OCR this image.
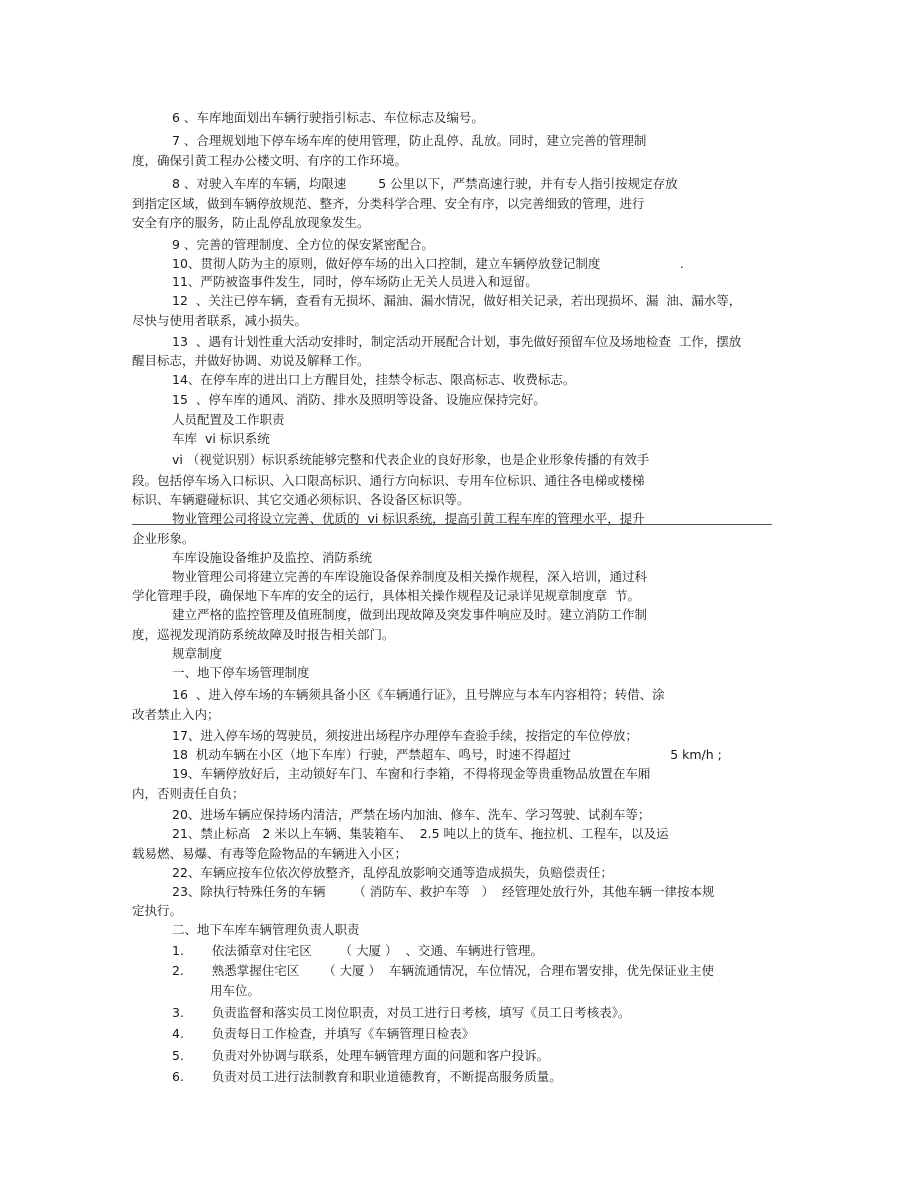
6 、车库地面划出车辆行驶指引标志、车位标志及编号。
7 、合理规划地下停车场车库的使用管理，防止乱停、乱放。同时，建立完善的管理制
度，确保引黄工程办公楼文明、有序的工作环境。
8 、对驶入车库的车辆，均限速        5 公里以下，严禁高速行驶，并有专人指引按规定存放
到指定区域，做到车辆停放规范、整齐，分类科学合理、安全有序，以完善细致的管理，进行
安全有序的服务，防止乱停乱放现象发生。
9 、完善的管理制度、全方位的保安紧密配合。
10、贯彻人防为主的原则，做好停车场的出入口控制，建立车辆停放登记制度                    .
11、严防被盗事件发生，同时，停车场防止无关人员进入和逗留。
12  、关注已停车辆，查看有无损坏、漏油、漏水情况，做好相关记录，若出现损坏、漏  油、漏水等，
尽快与使用者联系，减小损失。
13  、遇有计划性重大活动安排时，制定活动开展配合计划，事先做好预留车位及场地检查  工作，摆放
醒目标志，并做好协调、劝说及解释工作。
14、在停车库的进出口上方醒目处，挂禁令标志、限高标志、收费标志。
15  、停车库的通风、消防、排水及照明等设备、设施应保持完好。
人员配置及工作职责
车库  vi 标识系统
vi （视觉识别）标识系统能够完整和代表企业的良好形象，也是企业形象传播的有效手
段。包括停车场入口标识、入口限高标识、通行方向标识、专用车位标识、通往各电梯或楼梯
标识、车辆避碰标识、其它交通必须标识、各设备区标识等。
物业管理公司将设立完善、优质的  vi 标识系统，提高引黄工程车库的管理水平，提升
企业形象。
车库设施设备维护及监控、消防系统
物业管理公司将建立完善的车库设施设备保养制度及相关操作规程，深入培训，通过科
学化管理手段，确保地下车库的安全的运行，具体相关操作规程及记录详见规章制度章  节。
建立严格的监控管理及值班制度，做到出现故障及突发事件响应及时。建立消防工作制
度，巡视发现消防系统故障及时报告相关部门。
规章制度
一、地下停车场管理制度
16  、进入停车场的车辆须具备小区《车辆通行证》，且号牌应与本车内容相符；转借、涂
改者禁止入内；
17、进入停车场的驾驶员，须按进出场程序办理停车查验手续，按指定的车位停放；
18  机动车辆在小区（地下车库）行驶，严禁超车、鸣号，时速不得超过                         5 km/h ;
19、车辆停放好后，主动锁好车门、车窗和行李箱，不得将现金等贵重物品放置在车厢
内，否则责任自负；
20、进场车辆应保持场内清洁，严禁在场内加油、修车、洗车、学习驾驶、试刹车等；
21、禁止标高   2 米以上车辆、集装箱车、  2.5 吨以上的货车、拖拉机、工程车，以及运
载易燃、易爆、有毒等危险物品的车辆进入小区；
22、车辆应按车位依次停放整齐，乱停乱放影响交通等造成损失，负赔偿责任；
23、除执行特殊任务的车辆       （ 消防车、救护车等   ）  经管理处放行外，其他车辆一律按本规
定执行。
二、地下车库车辆管理负责人职责
1.       依法循章对住宅区       （ 大厦 ）  、交通、车辆进行管理。
2.       熟悉掌握住宅区      （ 大厦 ）  车辆流通情况，车位情况，合理布署安排，优先保证业主使
用车位。
3.       负责监督和落实员工岗位职责，对员工进行日考核，填写《员工日考核表》。
4.       负责每日工作检查，并填写《车辆管理日检表》
5.       负责对外协调与联系，处理车辆管理方面的问题和客户投诉。
6.       负责对员工进行法制教育和职业道德教育，不断提高服务质量。
